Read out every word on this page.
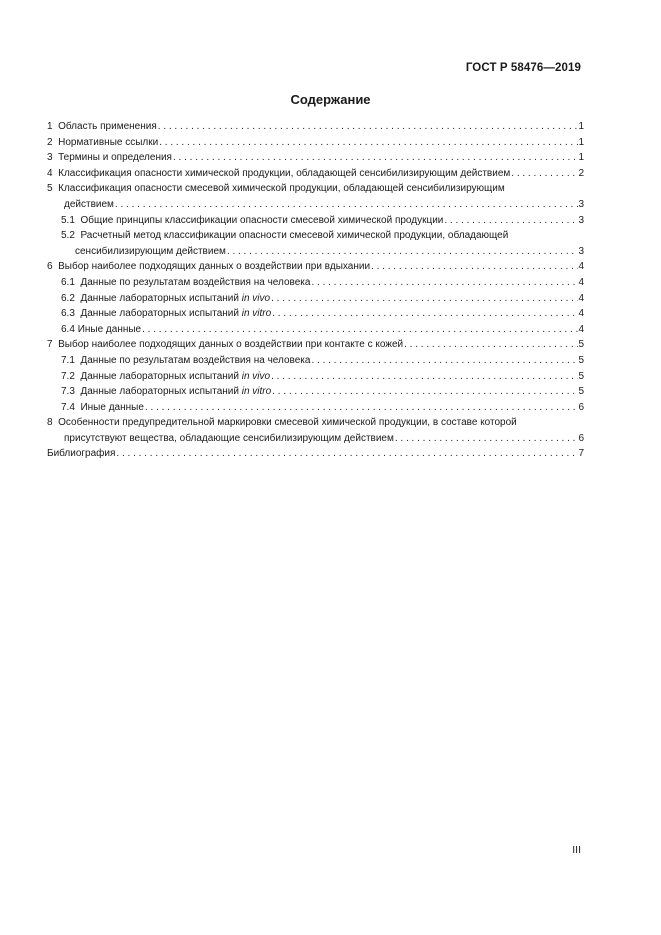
ГОСТ Р 58476—2019
Содержание
1 Область применения . . .	1
2 Нормативные ссылки . . .	1
3 Термины и определения . . .	1
4 Классификация опасности химической продукции, обладающей сенсибилизирующим действием . . .	2
5 Классификация опасности смесевой химической продукции, обладающей сенсибилизирующим
действием . . .	3
5.1 Общие принципы классификации опасности смесевой химической продукции . . .	3
5.2 Расчетный метод классификации опасности смесевой химической продукции, обладающей
сенсибилизирующим действием . . .	3
6 Выбор наиболее подходящих данных о воздействии при вдыхании . . .	4
6.1 Данные по результатам воздействия на человека . . .	4
6.2 Данные лабораторных испытаний in vivo . . .	4
6.3 Данные лабораторных испытаний in vitro . . .	4
6.4 Иные данные . . .	4
7 Выбор наиболее подходящих данных о воздействии при контакте с кожей . . .	5
7.1 Данные по результатам воздействия на человека . . .	5
7.2 Данные лабораторных испытаний in vivo . . .	5
7.3 Данные лабораторных испытаний in vitro . . .	5
7.4 Иные данные . . .	6
8 Особенности предупредительной маркировки смесевой химической продукции, в составе которой
присутствуют вещества, обладающие сенсибилизирующим действием . . .	6
Библиография . . .	7
III
